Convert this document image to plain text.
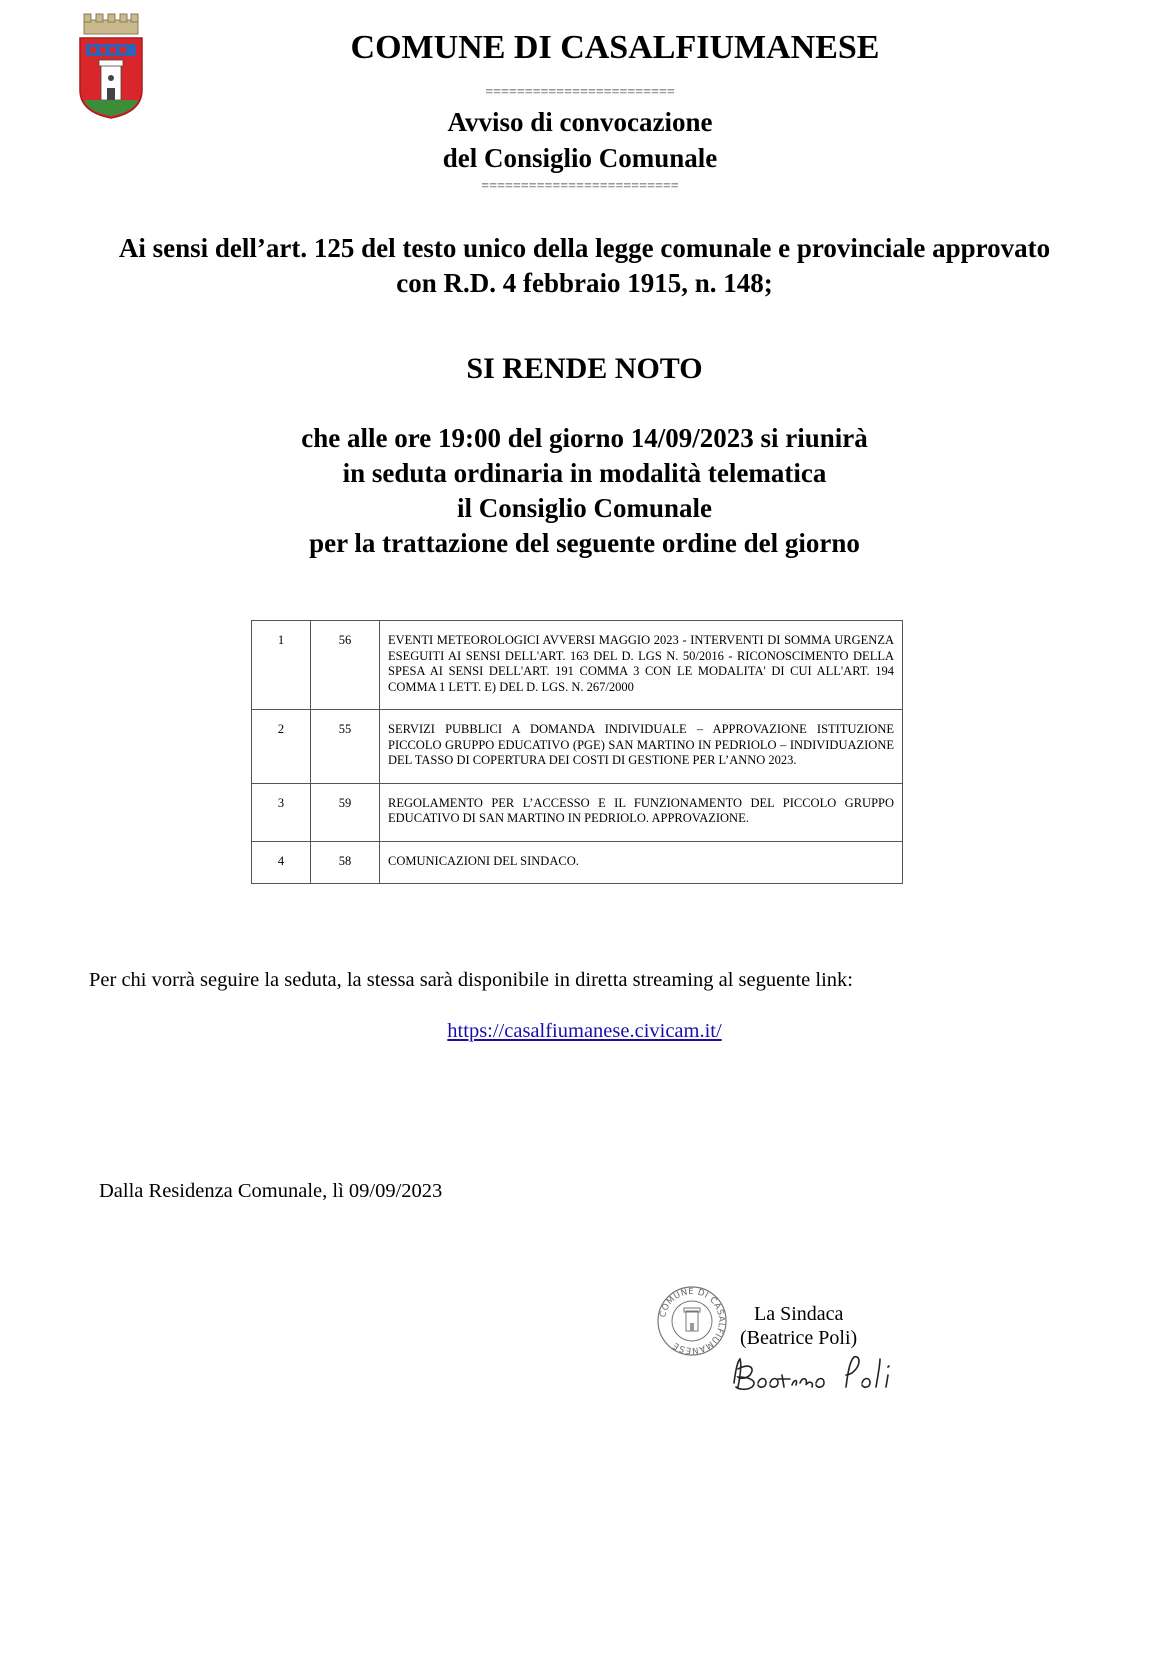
COMUNE DI CASALFIUMANESE
========================
Avviso di convocazione
del Consiglio Comunale
=========================
Ai sensi dell’art. 125 del testo unico della legge comunale e provinciale approvato
con R.D. 4 febbraio 1915, n. 148;
SI RENDE NOTO
che alle ore 19:00 del giorno 14/09/2023 si riunirà
in seduta ordinaria in modalità telematica
il Consiglio Comunale
per la trattazione del seguente ordine del giorno
1	56	EVENTI METEOROLOGICI AVVERSI MAGGIO 2023 - INTERVENTI DI SOMMA URGENZA ESEGUITI AI SENSI DELL'ART. 163 DEL D. LGS N. 50/2016 - RICONOSCIMENTO DELLA SPESA AI SENSI DELL'ART. 191 COMMA 3 CON LE MODALITA' DI CUI ALL'ART. 194 COMMA 1 LETT. E) DEL D. LGS. N. 267/2000
2	55	SERVIZI PUBBLICI A DOMANDA INDIVIDUALE – APPROVAZIONE ISTITUZIONE PICCOLO GRUPPO EDUCATIVO (PGE) SAN MARTINO IN PEDRIOLO – INDIVIDUAZIONE DEL TASSO DI COPERTURA DEI COSTI DI GESTIONE PER L’ANNO 2023.
3	59	REGOLAMENTO PER L’ACCESSO E IL FUNZIONAMENTO DEL PICCOLO GRUPPO EDUCATIVO DI SAN MARTINO IN PEDRIOLO. APPROVAZIONE.
4	58	COMUNICAZIONI DEL SINDACO.
Per chi vorrà seguire la seduta, la stessa sarà disponibile in diretta streaming al seguente link:
https://casalfiumanese.civicam.it/
Dalla Residenza Comunale, lì 09/09/2023
COMUNE DI CASALFIUMANESE
La Sindaca
(Beatrice Poli)
